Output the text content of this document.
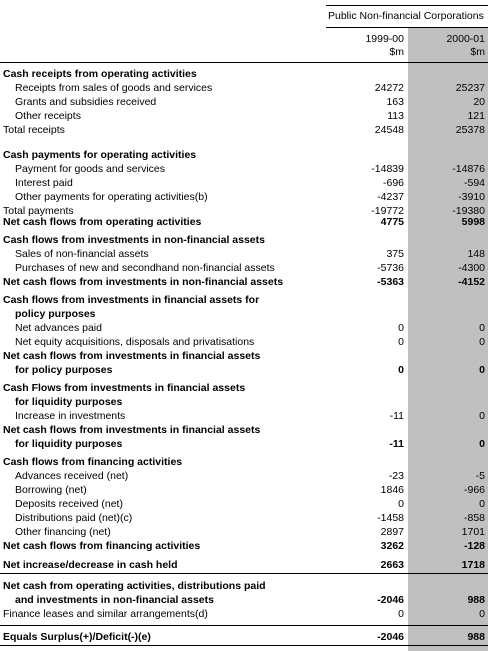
Public Non-financial Corporations
1999-00
$m
2000-01
$m
Cash receipts from operating activities
Receipts from sales of goods and services	24272	25237
Grants and subsidies received	163	20
Other receipts	113	121
Total receipts	24548	25378
Cash payments for operating activities
Payment for goods and services	-14839	-14876
Interest paid	-696	-594
Other payments for operating activities(b)	-4237	-3910
Total payments	-19772	-19380
Net cash flows from operating activities	4775	5998
Cash flows from investments in non-financial assets
Sales of non-financial assets	375	148
Purchases of new and secondhand non-financial assets	-5736	-4300
Net cash flows from investments in non-financial assets	-5363	-4152
Cash flows from investments in financial assets for
policy purposes
Net advances paid	0	0
Net equity acquisitions, disposals and privatisations	0	0
Net cash flows from investments in financial assets
for policy purposes	0	0
Cash Flows from investments in financial assets
for liquidity purposes
Increase in investments	-11	0
Net cash flows from investments in financial assets
for liquidity purposes	-11	0
Cash flows from financing activities
Advances received (net)	-23	-5
Borrowing (net)	1846	-966
Deposits received (net)	0	0
Distributions paid (net)(c)	-1458	-858
Other financing (net)	2897	1701
Net cash flows from financing activities	3262	-128
Net increase/decrease in cash held	2663	1718
Net cash from operating activities, distributions paid
and investments in non-financial assets	-2046	988
Finance leases and similar arrangements(d)	0	0
Equals Surplus(+)/Deficit(-)(e)	-2046	988
